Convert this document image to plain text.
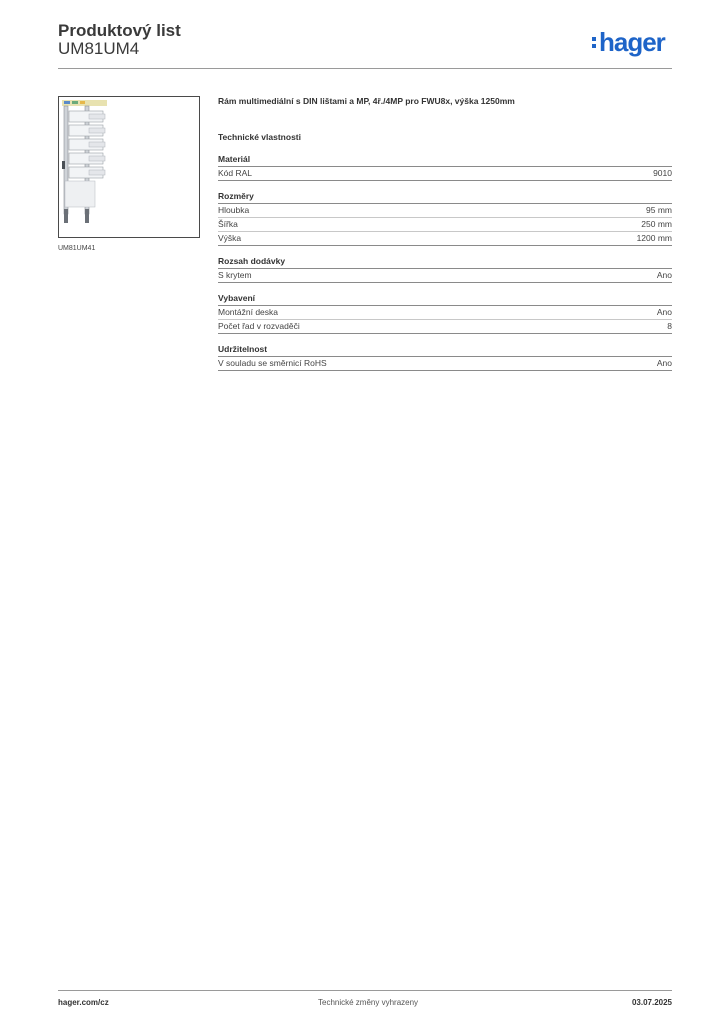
Produktový list
UM81UM4	hager
UM81UM41
Rám multimediální s DIN lištami a MP, 4ř./4MP pro FWU8x, výška 1250mm
Technické vlastnosti
Materiál
Kód RAL	9010
Rozměry
Hloubka	95 mm
Šířka	250 mm
Výška	1200 mm
Rozsah dodávky
S krytem	Ano
Vybavení
Montážní deska	Ano
Počet řad v rozvaděči	8
Udržitelnost
V souladu se směrnicí RoHS	Ano
hager.com/cz	Technické změny vyhrazeny	03.07.2025
